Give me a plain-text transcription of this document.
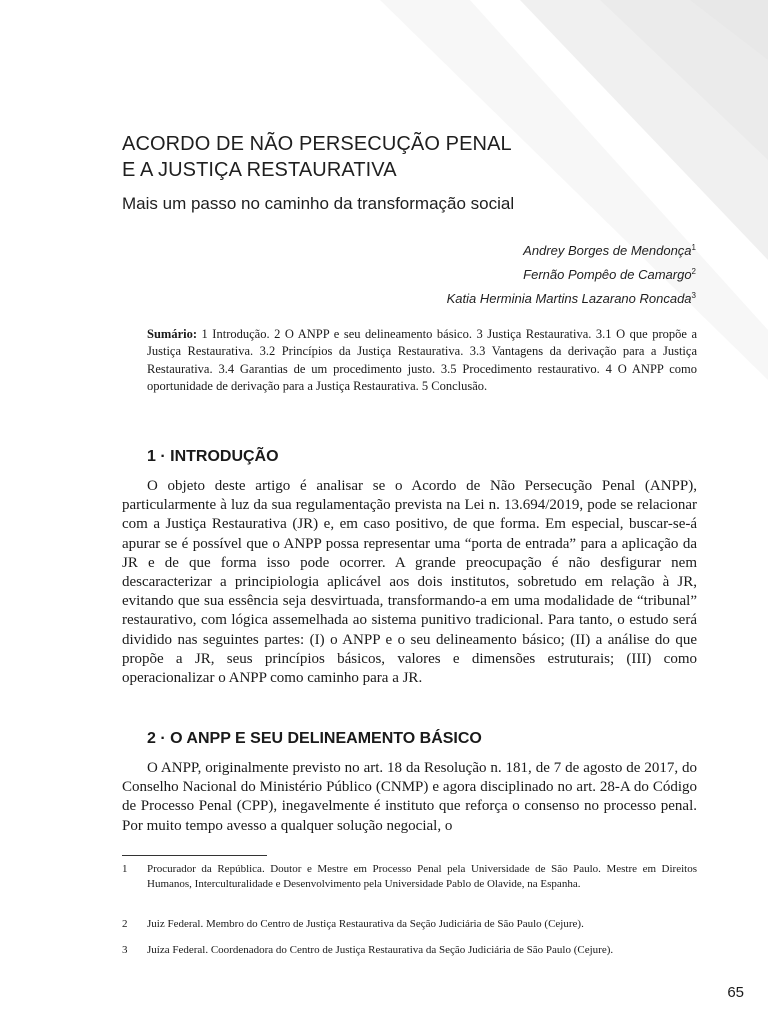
ACORDO DE NÃO PERSECUÇÃO PENAL
E A JUSTIÇA RESTAURATIVA
Mais um passo no caminho da transformação social
Andrey Borges de Mendonça$^1$
Fernão Pompêo de Camargo$^2$
Katia Herminia Martins Lazarano Roncada$^3$
Sumário: 1 Introdução. 2 O ANPP e seu delineamento básico. 3 Justiça Restaurativa. 3.1 O que propõe a Justiça Restaurativa. 3.2 Princípios da Justiça Restaurativa. 3.3 Vantagens da derivação para a Justiça Restaurativa. 3.4 Garantias de um procedimento justo. 3.5 Procedimento restaurativo. 4 O ANPP como oportunidade de derivação para a Justiça Restaurativa. 5 Conclusão.
1 · INTRODUÇÃO
O objeto deste artigo é analisar se o Acordo de Não Persecução Penal (ANPP), particularmente à luz da sua regulamentação prevista na Lei n. 13.694/2019, pode se relacionar com a Justiça Restaurativa (JR) e, em caso positivo, de que forma. Em especial, buscar-se-á apurar se é possível que o ANPP possa representar uma “porta de entrada” para a aplicação da JR e de que forma isso pode ocorrer. A grande preocupação é não desfigurar nem descaracterizar a principiologia aplicável aos dois institutos, sobretudo em relação à JR, evitando que sua essência seja desvirtuada, transformando-a em uma modalidade de “tribunal” restaurativo, com lógica assemelhada ao sistema punitivo tradicional. Para tanto, o estudo será dividido nas seguintes partes: (I) o ANPP e o seu delineamento básico; (II) a análise do que propõe a JR, seus princípios básicos, valores e dimensões estruturais; (III) como operacionalizar o ANPP como caminho para a JR.
2 · O ANPP E SEU DELINEAMENTO BÁSICO
O ANPP, originalmente previsto no art. 18 da Resolução n. 181, de 7 de agosto de 2017, do Conselho Nacional do Ministério Público (CNMP) e agora disciplinado no art. 28-A do Código de Processo Penal (CPP), inegavelmente é instituto que reforça o consenso no processo penal. Por muito tempo avesso a qualquer solução negocial, o
1	Procurador da República. Doutor e Mestre em Processo Penal pela Universidade de São Paulo. Mestre em Direitos Humanos, Interculturalidade e Desenvolvimento pela Universidade Pablo de Olavide, na Espanha.
2	Juiz Federal. Membro do Centro de Justiça Restaurativa da Seção Judiciária de São Paulo (Cejure).
3	Juíza Federal. Coordenadora do Centro de Justiça Restaurativa da Seção Judiciária de São Paulo (Cejure).
65
